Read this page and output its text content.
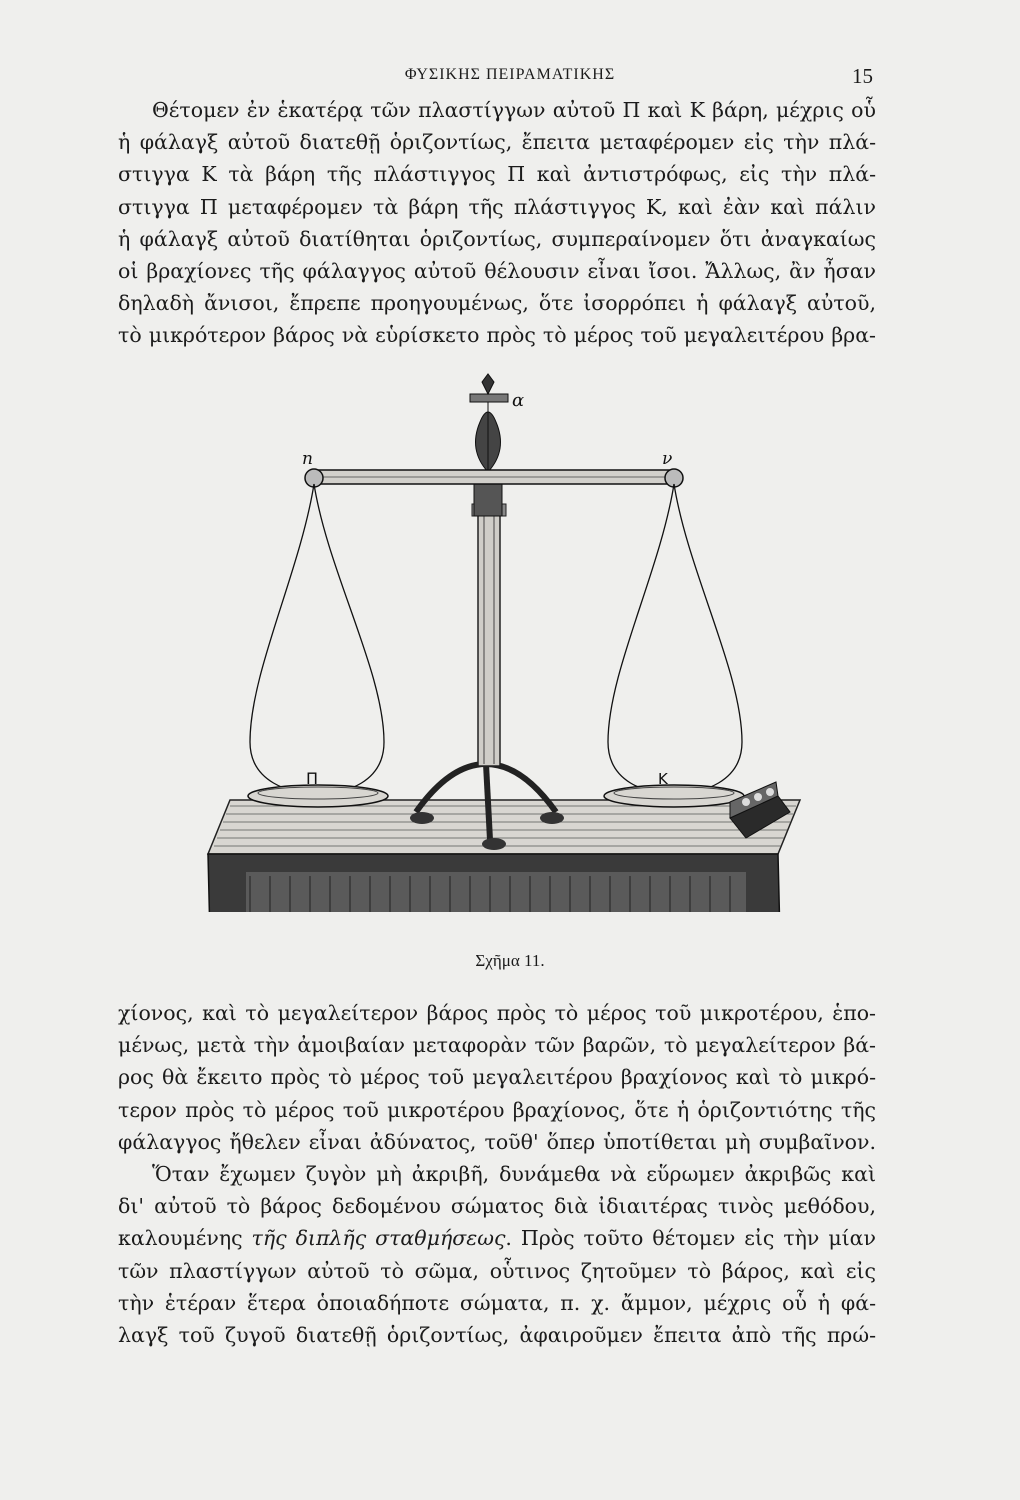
ΦΥΣΙΚΗΣ ΠΕΙΡΑΜΑΤΙΚΗΣ	15
Θέτομεν ἐν ἑκατέρᾳ τῶν πλαστίγγων αὐτοῦ Π καὶ Κ βάρη, μέχρις οὗ
ἡ φάλαγξ αὐτοῦ διατεθῇ ὁριζοντίως, ἔπειτα μεταφέρομεν εἰς τὴν πλά-
στιγγα Κ τὰ βάρη τῆς πλάστιγγος Π καὶ ἀντιστρόφως, εἰς τὴν πλά-
στιγγα Π μεταφέρομεν τὰ βάρη τῆς πλάστιγγος Κ, καὶ ἐὰν καὶ πάλιν
ἡ φάλαγξ αὐτοῦ διατίθηται ὁριζοντίως, συμπεραίνομεν ὅτι ἀναγκαίως
οἱ βραχίονες τῆς φάλαγγος αὐτοῦ θέλουσιν εἶναι ἴσοι. Ἄλλως, ἂν ἦσαν
δηλαδὴ ἄνισοι, ἔπρεπε προηγουμένως, ὅτε ἰσορρόπει ἡ φάλαγξ αὐτοῦ,
τὸ μικρότερον βάρος νὰ εὑρίσκετο πρὸς τὸ μέρος τοῦ μεγαλειτέρου βρα-
α
n	ν
Π	Κ
Σχῆμα 11.
χίονος, καὶ τὸ μεγαλείτερον βάρος πρὸς τὸ μέρος τοῦ μικροτέρου, ἑπο-
μένως, μετὰ τὴν ἀμοιβαίαν μεταφορὰν τῶν βαρῶν, τὸ μεγαλείτερον βά-
ρος θὰ ἔκειτο πρὸς τὸ μέρος τοῦ μεγαλειτέρου βραχίονος καὶ τὸ μικρό-
τερον πρὸς τὸ μέρος τοῦ μικροτέρου βραχίονος, ὅτε ἡ ὁριζοντιότης τῆς
φάλαγγος ἤθελεν εἶναι ἀδύνατος, τοῦθ' ὅπερ ὑποτίθεται μὴ συμβαῖνον.
Ὅταν ἔχωμεν ζυγὸν μὴ ἀκριβῆ, δυνάμεθα νὰ εὕρωμεν ἀκριβῶς καὶ
δι' αὐτοῦ τὸ βάρος δεδομένου σώματος διὰ ἰδιαιτέρας τινὸς μεθόδου,
καλουμένης τῆς διπλῆς σταθμήσεως. Πρὸς τοῦτο θέτομεν εἰς τὴν μίαν
τῶν πλαστίγγων αὐτοῦ τὸ σῶμα, οὗτινος ζητοῦμεν τὸ βάρος, καὶ εἰς
τὴν ἑτέραν ἕτερα ὁποιαδήποτε σώματα, π. χ. ἄμμον, μέχρις οὗ ἡ φά-
λαγξ τοῦ ζυγοῦ διατεθῇ ὁριζοντίως, ἀφαιροῦμεν ἔπειτα ἀπὸ τῆς πρώ-
